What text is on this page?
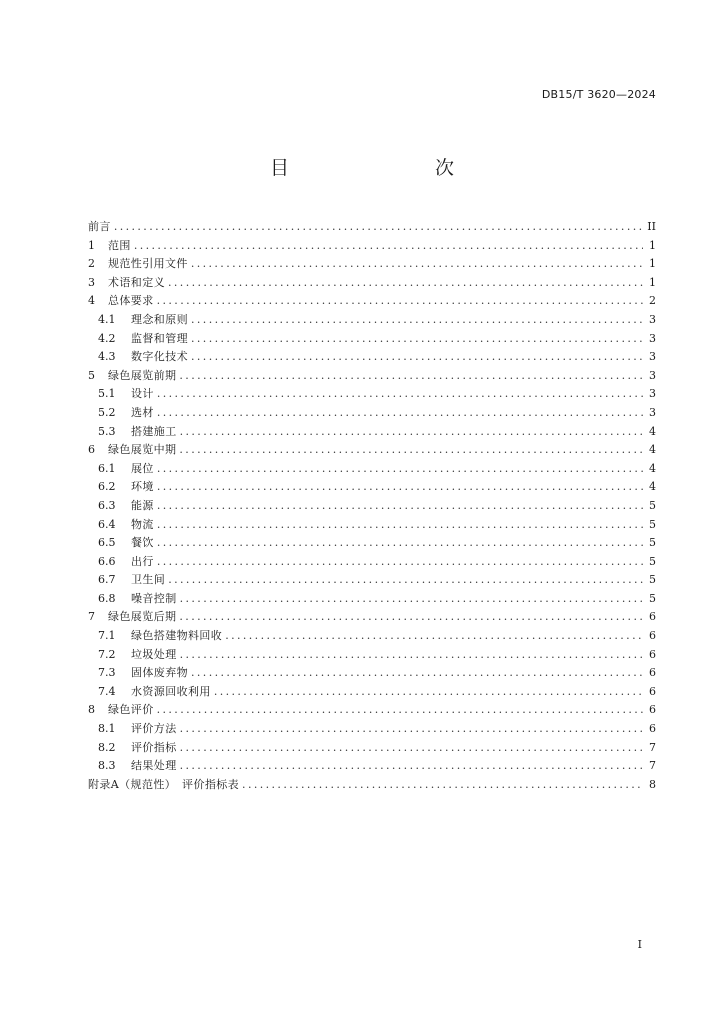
DB15/T 3620—2024
目　　次
前言 .....	II
1	范围 .....	1
2	规范性引用文件 .....	1
3	术语和定义 .....	1
4	总体要求 .....	2
4.1	理念和原则 .....	3
4.2	监督和管理 .....	3
4.3	数字化技术 .....	3
5	绿色展览前期 .....	3
5.1	设计 .....	3
5.2	选材 .....	3
5.3	搭建施工 .....	4
6	绿色展览中期 .....	4
6.1	展位 .....	4
6.2	环境 .....	4
6.3	能源 .....	5
6.4	物流 .....	5
6.5	餐饮 .....	5
6.6	出行 .....	5
6.7	卫生间 .....	5
6.8	噪音控制 .....	5
7	绿色展览后期 .....	6
7.1	绿色搭建物料回收 .....	6
7.2	垃圾处理 .....	6
7.3	固体废弃物 .....	6
7.4	水资源回收利用 .....	6
8	绿色评价 .....	6
8.1	评价方法 .....	6
8.2	评价指标 .....	7
8.3	结果处理 .....	7
附录A（规范性）　评价指标表 .....	8
I
